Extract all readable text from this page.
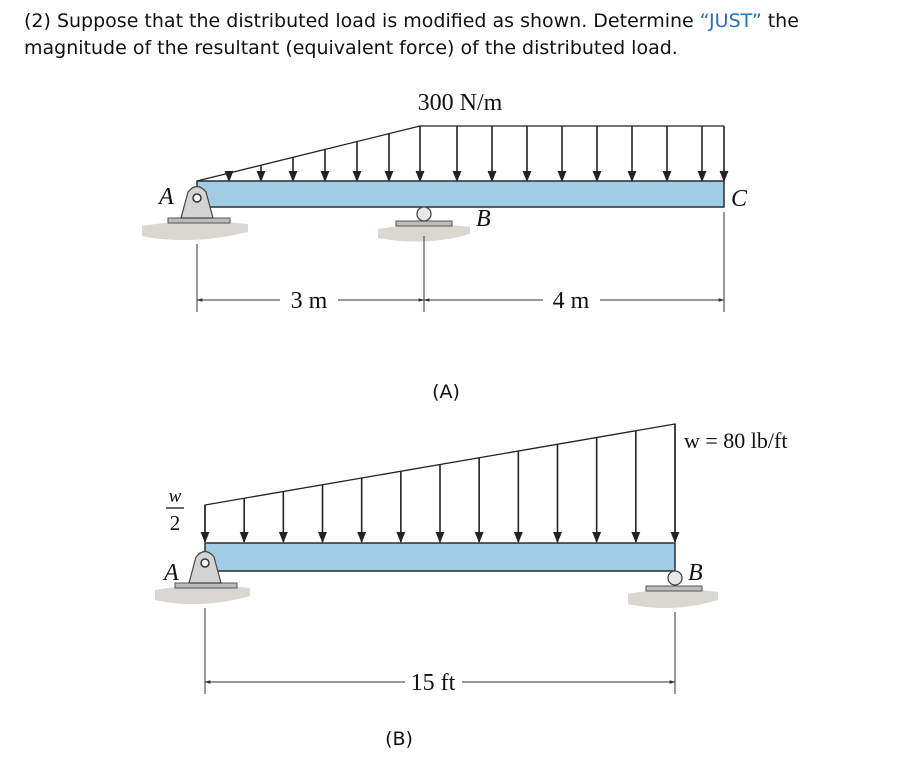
(2) Suppose that the distributed load is modified as shown. Determine “JUST” the
magnitude of the resultant (equivalent force) of the distributed load.
300 N/m
A
B
C
3 m	4 m
(A)
w = 80 lb/ft
w
2
A	B
15 ft
(B)
